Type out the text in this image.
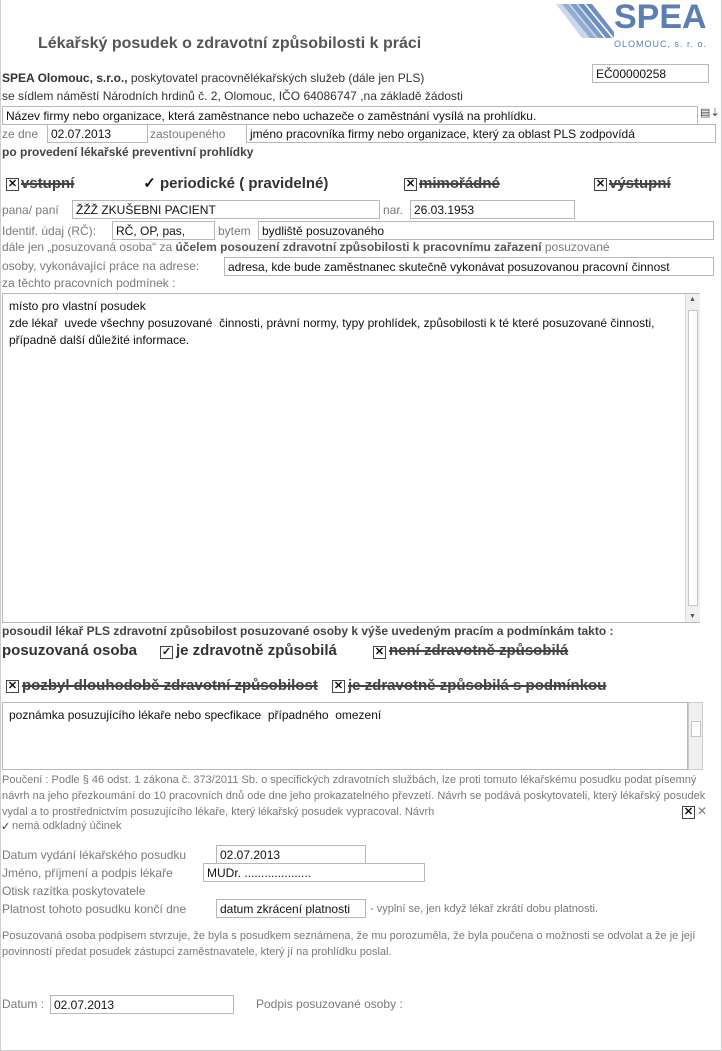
SPEA
OLOMOUC, s. r. o.
Lékařský posudek o zdravotní způsobilosti k práci
EČ00000258
SPEA Olomouc, s.r.o., poskytovatel pracovnělékařských služeb (dále jen PLS)
se sídlem náměstí Národních hrdinů č. 2, Olomouc, IČO 64086747 ,na základě žádosti
Název firmy nebo organizace, která zaměstnance nebo uchazeče o zaměstnání vysílá na prohlídku.	▤⇣
ze dne	02.07.2013	zastoupeného	jméno pracovníka firmy nebo organizace, který za oblast PLS zodpovídá
po provedení lékařské preventivní prohlídky
✕ vstupní	✓ periodické ( pravidelné)	✕ mimořádné	✕ výstupní
pana/ paní	ŽŽŽ ZKUŠEBNI PACIENT	nar. 26.03.1953
Identif. údaj (RČ):	RČ, OP, pas,	bytem bydliště posuzovaného
dále jen „posuzovaná osoba“ za účelem posouzení zdravotní způsobilosti k pracovnímu zařazení posuzované
osoby, vykonávající práce na adrese:	adresa, kde bude zaměstnanec skutečně vykonávat posuzovanou pracovní činnost
za těchto pracovních podmínek :
místo pro vlastní posudek
zde lékař  uvede všechny posuzované  činnosti, právní normy, typy prohlídek, způsobilosti k té které posuzované činnosti, případně další důležité informace.
▲
▼
posoudil lékař PLS zdravotní způsobilost posuzované osoby k výše uvedeným pracím a podmínkám takto :
posuzovaná osoba ✓ je zdravotně způsobilá	✕ není zdravotně způsobilá
✕ pozbyl dlouhodobě zdravotní způsobilost ✕ je zdravotně způsobilá s podmínkou
poznámka posuzujícího lékaře nebo specfikace  případného  omezení
Poučení : Podle § 46 odst. 1 zákona č. 373/2011 Sb. o specifických zdravotních službách, lze proti tomuto lékařskému posudku podat písemný návrh na jeho přezkoumání do 10 pracovních dnů ode dne jeho prokazatelného převzetí. Návrh se podává poskytovateli, který lékařský posudek vydal a to prostřednictvím posuzujícího lékaře, který lékařský posudek vypracoval. Návrh	✕ ✕
✓ nemá odkladný účinek
Datum vydání lékařského posudku	02.07.2013
Jméno, příjmení a podpis lékaře	MUDr. ....................
Otisk razítka poskytovatele
Platnost tohoto posudku končí dne	datum zkrácení platnosti	- vyplní se, jen když lékař zkrátí dobu platnosti.
Posuzovaná osoba podpisem stvrzuje, že byla s posudkem seznámena, že mu porozuměla, že byla poučena o možnosti se odvolat a že je její povinností předat posudek zástupci zaměstnavatele, který jí na prohlídku poslal.
Datum : 02.07.2013	Podpis posuzované osoby :
